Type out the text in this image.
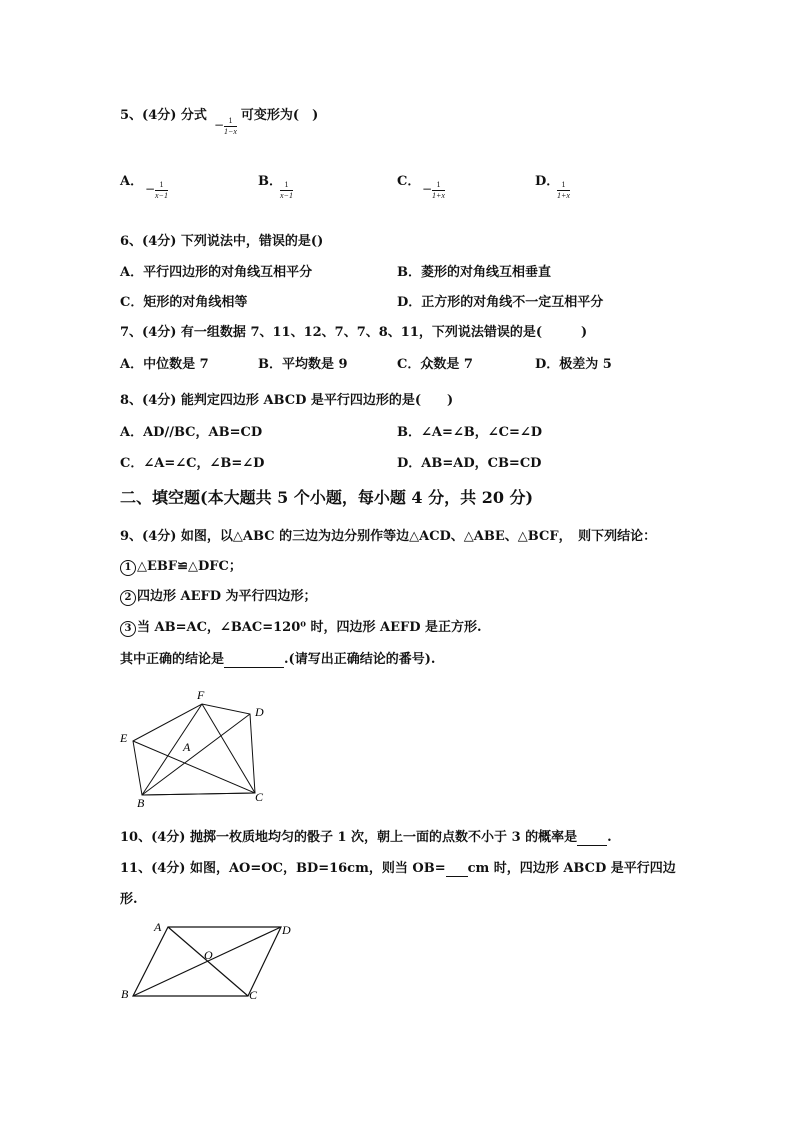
5、(4分) 分式	可变形为(　)
− $\frac{1}{1-x}$
A． − $\frac{1}{x-1}$	B．
$\frac{1}{x-1}$	C． − $\frac{1}{1+x}$	D．
$\frac{1}{1+x}$
6、(4分) 下列说法中，错误的是()
A．平行四边形的对角线互相平分	B．菱形的对角线互相垂直
C．矩形的对角线相等	D．正方形的对角线不一定互相平分
7、(4分) 有一组数据 7、11、12、7、7、8、11，下列说法错误的是(　　　)
A．中位数是 7	B．平均数是 9	C．众数是 7	D．极差为 5
8、(4分) 能判定四边形 ABCD 是平行四边形的是(　　)
A．AD//BC，AB=CD	B．∠A=∠B，∠C=∠D
C．∠A=∠C，∠B=∠D	D．AB=AD，CB=CD
二、填空题(本大题共 5 个小题，每小题 4 分，共 20 分)
9、(4分) 如图，以△ABC 的三边为边分别作等边△ACD、△ABE、△BCF，　则下列结论：
1 △EBF≌△DFC；
2 四边形 AEFD 为平行四边形；
3 当 AB=AC，∠BAC=120⁰ 时，四边形 AEFD 是正方形.
其中正确的结论是	.(请写出正确结论的番号).
F
D
E
A
B	C
10、(4分) 抛掷一枚质地均匀的骰子 1 次，朝上一面的点数不小于 3 的概率是 .
11、(4分) 如图，AO=OC，BD=16cm，则当 OB= cm 时，四边形 ABCD 是平行四边
形.
A	D
O
B	C
